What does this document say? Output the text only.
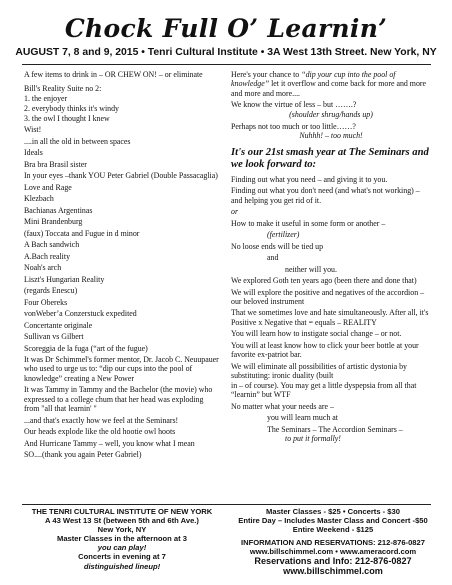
Chock Full O’ Learnin’
AUGUST 7, 8 and 9, 2015 • Tenri Cultural Institute • 3A West 13th Street. New York, NY

A few items to drink in – OR CHEW ON! – or eliminate

Bill's Reality Suite no 2:

1. the enjoyer

2. everybody thinks it's windy

3. the owl I thought I knew

Wist!

....in all the old in between spaces

Ideals

Bra bra Brasil sister

In your eyes –thank YOU Peter Gabriel (Double Passacaglia)

Love and Rage

Klezbach

Bachianas Argentinas

Mini Brandenburg

(faux) Toccata and Fugue in d minor

A Bach sandwich

A.Bach reality

Noah's arch

Liszt's Hungarian Reality

(regards Enescu)

Four Obereks

vonWeber’a Conzerstuck expedited

Concertante originale

Sullivan vs Gilbert

Scoreggia de la fuga (“art of the fugue)

It was Dr Schimmel's former mentor, Dr. Jacob C. Neuupauer who used to urge us to: “dip our cups into the pool of knowledge” creating a New Power

It was Tammy in Tammy and the Bachelor (the movie) who expressed to a college chum that her head was exploding from "all that learnin' "

...and that's exactly how we feel at the Seminars!

Our heads explode like the old hootie owl hoots

And Hurricane Tammy – well, you know what I mean

SO....(thank you again Peter Gabriel)

Here's your chance to “dip your cup into the pool of knowledge” let it overflow and come back for more and more and more and more....

We know the virtue of less – but …….?

(shoulder shrug/hands up)

Perhaps not too much or too little……?

Nuhhh! – too much!

It's our 21st smash year at The Seminars and we look forward to:

Finding out what you need – and giving it to you.

Finding out what you don't need (and what's not working) – and helping you get rid of it.

or

How to make it useful in some form or another –

(fertilizer)

No loose ends will be tied up

and

neither will you.

We explored Goth ten years ago (been there and done that)

We will explore the positive and negatives of the accordion – our beloved instrument

That we sometimes love and hate simultaneously. After all, it's Positive x Negative that = equals – REALITY

You will learn how to instigate social change – or not.

You will at least know how to click your beer bottle at your favorite ex-patriot bar.

We will eliminate all possibilities of artistic dystonia by substituting: ironic duality (built

in – of course). You may get a little dyspepsia from all that “learnin” but WTF

No matter what your needs are –

you will learn much at

The Seminars – The Accordion Seminars –

to put it formally!

THE TENRI CULTURAL INSTITUTE OF NEW YORK
A 43 West 13 St (between 5th and 6th Ave.)
New York, NY
Master Classes in the afternoon at 3
you can play!
Concerts in evening at 7
distinguished lineup!
Master Classes - $25 • Concerts - $30
Entire Day – Includes Master Class and Concert -$50
Entire Weekend - $125
INFORMATION AND RESERVATIONS: 212-876-0827
www.billschimmel.com • www.ameracord.com
Reservations and Info: 212-876-0827
www.billschimmel.com
